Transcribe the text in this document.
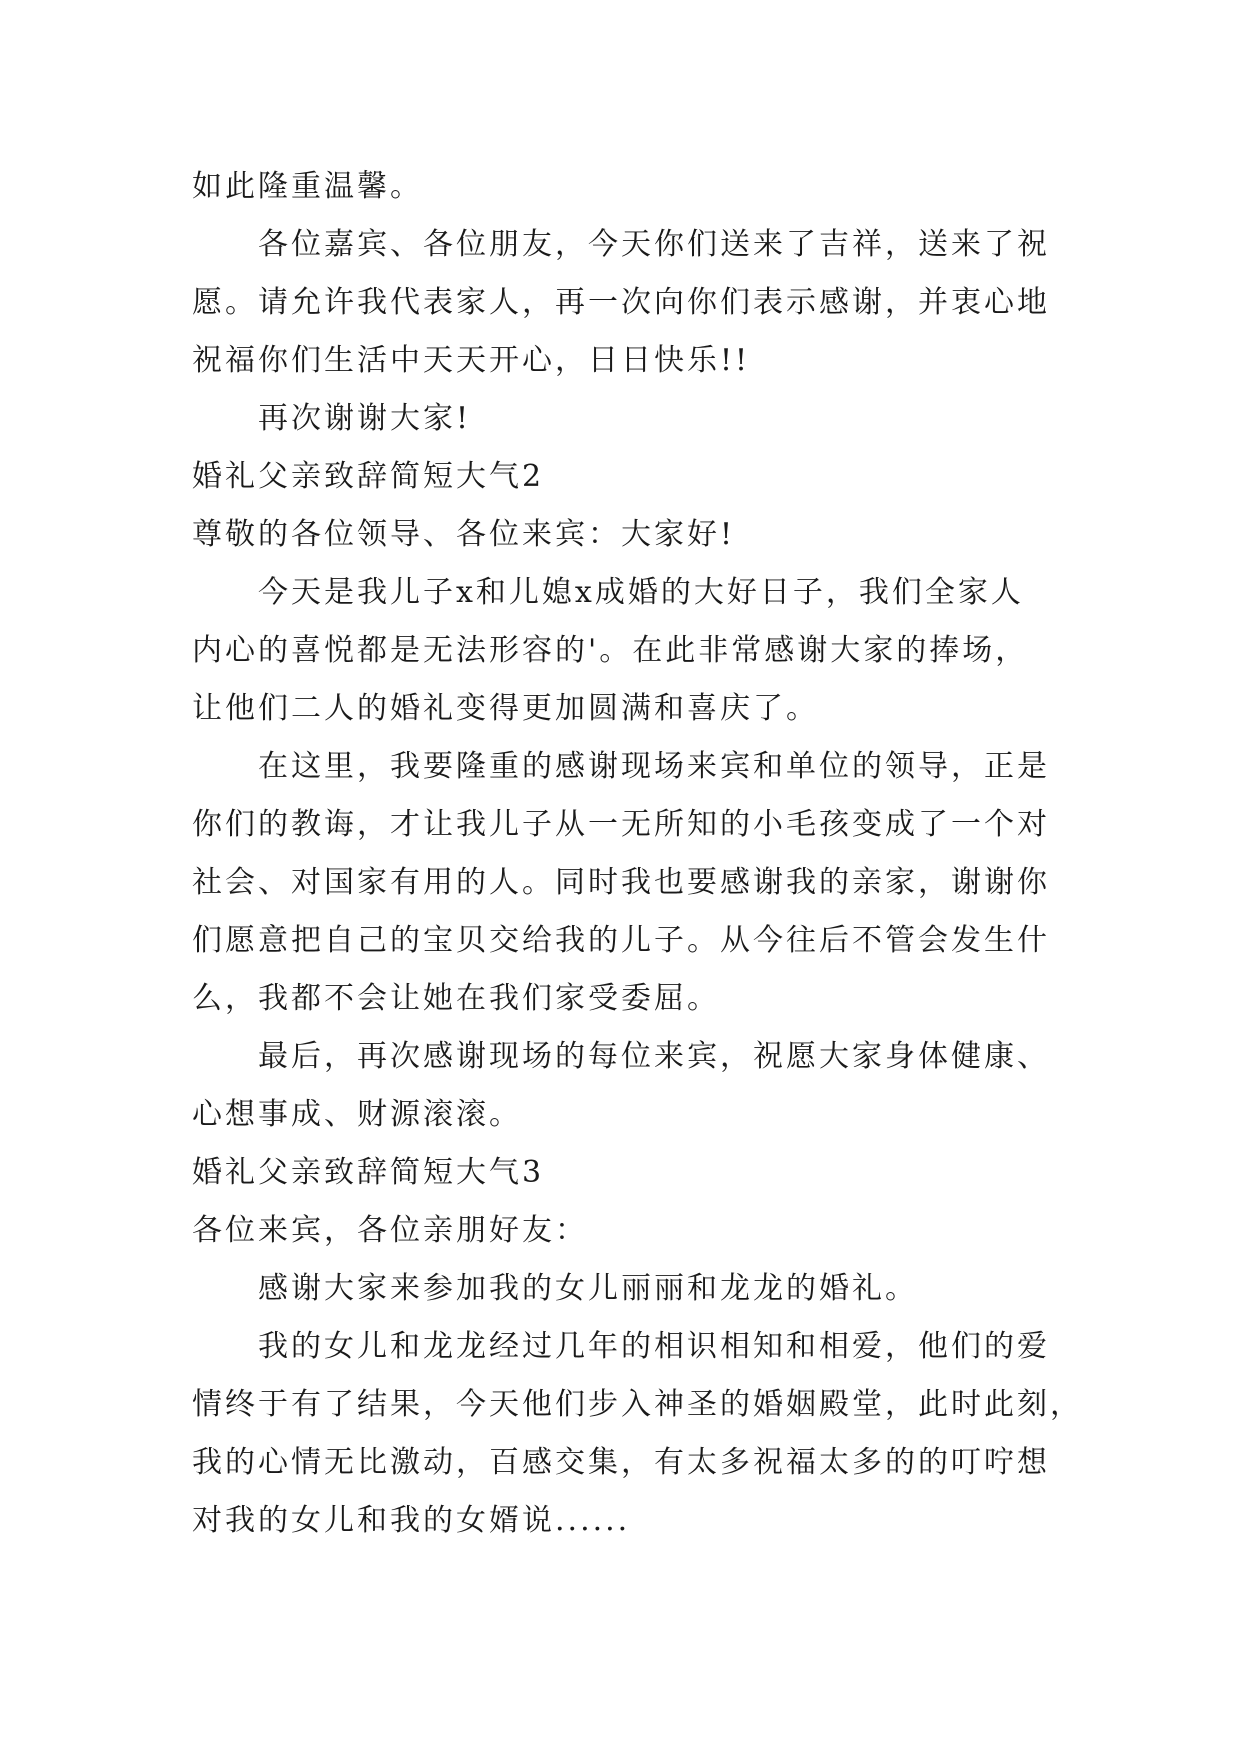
如此隆重温馨。
各位嘉宾、各位朋友，今天你们送来了吉祥，送来了祝
愿。请允许我代表家人，再一次向你们表示感谢，并衷心地
祝福你们生活中天天开心，日日快乐!!
再次谢谢大家!
婚礼父亲致辞简短大气2
尊敬的各位领导、各位来宾：大家好!
今天是我儿子x和儿媳x成婚的大好日子，我们全家人
内心的喜悦都是无法形容的'。在此非常感谢大家的捧场，
让他们二人的婚礼变得更加圆满和喜庆了。
在这里，我要隆重的感谢现场来宾和单位的领导，正是
你们的教诲，才让我儿子从一无所知的小毛孩变成了一个对
社会、对国家有用的人。同时我也要感谢我的亲家，谢谢你
们愿意把自己的宝贝交给我的儿子。从今往后不管会发生什
么，我都不会让她在我们家受委屈。
最后，再次感谢现场的每位来宾，祝愿大家身体健康、
心想事成、财源滚滚。
婚礼父亲致辞简短大气3
各位来宾，各位亲朋好友：
感谢大家来参加我的女儿丽丽和龙龙的婚礼。
我的女儿和龙龙经过几年的相识相知和相爱，他们的爱
情终于有了结果，今天他们步入神圣的婚姻殿堂，此时此刻，
我的心情无比激动，百感交集，有太多祝福太多的的叮咛想
对我的女儿和我的女婿说......
